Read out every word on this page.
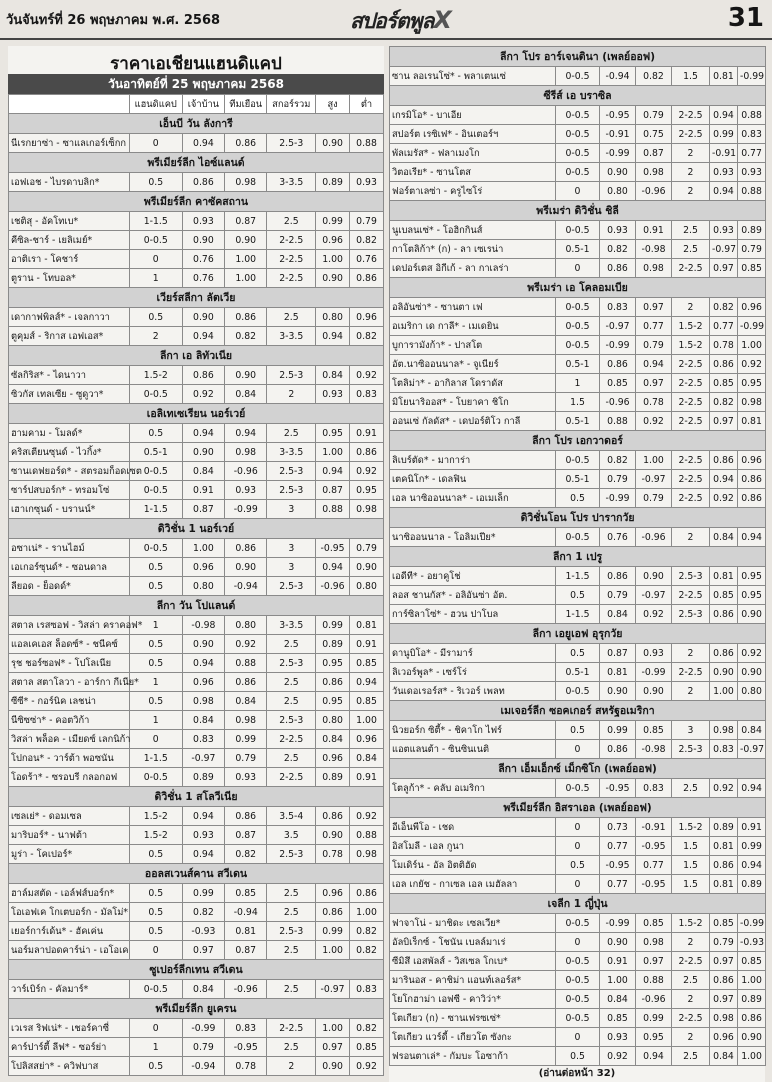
วันจันทร์ที่ 26 พฤษภาคม พ.ศ. 2568	สปอร์ตพูลX	31
ราคาเอเชียนแฮนดิแคป
วันอาทิตย์ที่ 25 พฤษภาคม 2568
	แฮนดิแคป	เจ้าบ้าน	ทีมเยือน	สกอร์รวม	สูง	ต่ำ
เอ็นบี วัน ลังการี						
นีเรกยาซ่า - ซาแลเกอร์เซ็กก	0	0.94	0.86	2.5-3	0.90	0.88
พรีเมียร์ลีก ไอซ์แลนด์						
เอฟเอช - ไบรดาบลิก*	0.5	0.86	0.98	3-3.5	0.89	0.93
พรีเมียร์ลีก คาซัคสถาน						
เชติสุ - อัคโทเบ*	1-1.5	0.93	0.87	2.5	0.99	0.79
คีซิล-ชาร์ - เยลิเมย์*	0-0.5	0.90	0.90	2-2.5	0.96	0.82
อาติเรา - โคชาร์	0	0.76	1.00	2-2.5	1.00	0.76
ตูราน - โทบอล*	1	0.76	1.00	2-2.5	0.90	0.86
เวียร์สลีกา ลัตเวีย						
เดากาฟพิลส์* - เจลกาวา	0.5	0.90	0.86	2.5	0.80	0.96
ตูคุมส์ - ริกาส เอฟเอส*	2	0.94	0.82	3-3.5	0.94	0.82
ลีกา เอ ลิทัวเนีย						
ซัลกิริส* - ไดนาวา	1.5-2	0.86	0.90	2.5-3	0.84	0.92
ซิวกัส เทลเซีย - ซูดูวา*	0-0.5	0.92	0.84	2	0.93	0.83
เอลิเทเซเรียน นอร์เวย์						
ฮามคาม - โมลด์*	0.5	0.94	0.94	2.5	0.95	0.91
คริสเตียนซุนด์ - ไวกิ้ง*	0.5-1	0.90	0.98	3-3.5	1.00	0.86
ซานเดฟยอร์ด* - สตรอมก็อดเซต	0-0.5	0.84	-0.96	2.5-3	0.94	0.92
ซาร์ปสบอร์ก* - ทรอมโซ่	0-0.5	0.91	0.93	2.5-3	0.87	0.95
เฮาเกซุนด์ - บรานน์*	1-1.5	0.87	-0.99	3	0.88	0.98
ดิวิชั่น 1 นอร์เวย์						
อซาเน่* - รานไฮม์	0-0.5	1.00	0.86	3	-0.95	0.79
เอเกอร์ซุนด์* - ซอนดาล	0.5	0.96	0.90	3	0.94	0.90
ลียอด - ย็อดด์*	0.5	0.80	-0.94	2.5-3	-0.96	0.80
ลีกา วัน โปแลนด์						
สตาล เรสซอฟ - วิสล่า คราคอฟ*	1	-0.98	0.80	3-3.5	0.99	0.81
แอลเคเอส ล็อดซ์* - ชนีคซ์	0.5	0.90	0.92	2.5	0.89	0.91
รุช ชอร์ซอฟ* - โปโลเนีย	0.5	0.94	0.88	2.5-3	0.95	0.85
สตาล สตาโลวา - อาร์กา กีเนีย*	1	0.96	0.86	2.5	0.86	0.94
ซีซี* - กอร์นิค เลชน่า	0.5	0.98	0.84	2.5	0.95	0.85
นีซิซซ่า* - คอตวิก้า	1	0.84	0.98	2.5-3	0.80	1.00
วิสล่า พล็อค - เมียดซ์ เลกนิก้า	0	0.83	0.99	2-2.5	0.84	0.96
โปกอน* - วาร์ต้า พอซนัน	1-1.5	-0.97	0.79	2.5	0.96	0.84
โอดร้า* - ซรอบรี กลอกอฟ	0-0.5	0.89	0.93	2-2.5	0.89	0.91
ดิวิชั่น 1 สโลวีเนีย						
เซลเย่* - ดอมเซล	1.5-2	0.94	0.86	3.5-4	0.86	0.92
มาริบอร์* - นาฟต้า	1.5-2	0.93	0.87	3.5	0.90	0.88
มูร่า - โคเปอร์*	0.5	0.94	0.82	2.5-3	0.78	0.98
ออลสเวนส์คาน สวีเดน						
ฮาล์มสตัด - เอล์ฟส์บอร์ก*	0.5	0.99	0.85	2.5	0.96	0.86
โอเอฟเค โกเตบอร์ก - มัลโม่*	0.5	0.82	-0.94	2.5	0.86	1.00
เยอร์การ์เด้น* - ฮัคเค่น	0.5	-0.93	0.81	2.5-3	0.99	0.82
นอร์มลาปอดคาร์น่า - เอโอเค	0	0.97	0.87	2.5	1.00	0.82
ซูเปอร์ลีกเทน สวีเดน						
วาร์เบิร์ก - คัลมาร์*	0-0.5	0.84	-0.96	2.5	-0.97	0.83
พรีเมียร์ลีก ยูเครน						
เวเรส ริฟเน่* - เชอร์คาซี่	0	-0.99	0.83	2-2.5	1.00	0.82
คาร์ปาร์ตี้ ลีฟ* - ซอร์ย่า	1	0.79	-0.95	2.5	0.97	0.85
โปลิสสย่า* - ควิฟบาส	0.5	-0.94	0.78	2	0.90	0.92
ลีกา โปร อาร์เจนตินา (เพลย์ออฟ)						
ซาน ลอเรนโซ่* - พลาเตนเซ่	0-0.5	-0.94	0.82	1.5	0.81	-0.99
ซีรีส์ เอ บราซิล						
เกรมิโอ* - บาเอีย	0-0.5	-0.95	0.79	2-2.5	0.94	0.88
สปอร์ต เรซิเฟ* - อินเตอร์ฯ	0-0.5	-0.91	0.75	2-2.5	0.99	0.83
พัลเมรัส* - ฟลาเมงโก	0-0.5	-0.99	0.87	2	-0.91	0.77
วิตอเรีย* - ซานโตส	0-0.5	0.90	0.98	2	0.93	0.93
ฟอร์ตาเลซ่า - ครูไซโร่	0	0.80	-0.96	2	0.94	0.88
พรีเมร่า ดิวิชั่น ชิลี						
นูเบลนเซ่* - โอฮิกกินส์	0-0.5	0.93	0.91	2.5	0.93	0.89
กาโตลิก้า* (ก) - ลา เซเรน่า	0.5-1	0.82	-0.98	2.5	-0.97	0.79
เดปอร์เตส อิกีเก้ - ลา กาเลร่า	0	0.86	0.98	2-2.5	0.97	0.85
พรีเมร่า เอ โคลอมเบีย						
อลิอันซ่า* - ซานตา เฟ	0-0.5	0.83	0.97	2	0.82	0.96
อเมริกา เด กาลี* - เมเดยิน	0-0.5	-0.97	0.77	1.5-2	0.77	-0.99
บูการามังก้า* - ปาสโต	0-0.5	-0.99	0.79	1.5-2	0.78	1.00
อัต.นาซิออนนาล* - จูเนียร์	0.5-1	0.86	0.94	2-2.5	0.86	0.92
โตลิม่า* - อากิลาส โดราดัส	1	0.85	0.97	2-2.5	0.85	0.95
มิโยนาริออส* - โบยาคา ชิโก	1.5	-0.96	0.78	2-2.5	0.82	0.98
ออนเซ่ กัลดัส* - เดปอร์ติโว กาลี	0.5-1	0.88	0.92	2-2.5	0.97	0.81
ลีกา โปร เอกวาดอร์						
ลิเบร์ตัด* - มาการ่า	0-0.5	0.82	1.00	2-2.5	0.86	0.96
เตคนิโก* - เดลฟิน	0.5-1	0.79	-0.97	2-2.5	0.94	0.86
เอล นาซิออนนาล* - เอเมเล็ก	0.5	-0.99	0.79	2-2.5	0.92	0.86
ดิวิชั่นโอน โปร ปารากวัย						
นาซิออนนาล - โอลิมเปีย*	0-0.5	0.76	-0.96	2	0.84	0.94
ลีกา 1 เปรู						
เอดีที* - อยาคูโช่	1-1.5	0.86	0.90	2.5-3	0.81	0.95
ลอส ชานกัส* - อลิอันซ่า อัต.	0.5	0.79	-0.97	2-2.5	0.85	0.95
การ์ซิลาโซ่* - ฮวน ปาโบล	1-1.5	0.84	0.92	2.5-3	0.86	0.90
ลีกา เอยูเอฟ อุรุกวัย						
ดานูบิโอ* - มีรามาร์	0.5	0.87	0.93	2	0.86	0.92
ลิเวอร์พูล* - เซร์โร่	0.5-1	0.81	-0.99	2-2.5	0.90	0.90
วันเดอเรอร์ส* - ริเวอร์ เพลท	0-0.5	0.90	0.90	2	1.00	0.80
เมเจอร์ลีก ซอคเกอร์ สหรัฐอเมริกา						
นิวยอร์ก ซิตี้* - ชิคาโก ไฟร์	0.5	0.99	0.85	3	0.98	0.84
แอตแลนต้า - ซินซินเนติ	0	0.86	-0.98	2.5-3	0.83	-0.97
ลีกา เอ็มเอ็กซ์ เม็กซิโก (เพลย์ออฟ)						
โตลูก้า* - คลับ อเมริกา	0-0.5	-0.95	0.83	2.5	0.92	0.94
พรีเมียร์ลีก อิสราเอล (เพลย์ออฟ)						
อีเอ็นพีโอ - เชด	0	0.73	-0.91	1.5-2	0.89	0.91
อิสโมลี - เอล กูนา	0	0.77	-0.95	1.5	0.81	0.99
โมเดิร์น - อัล อิตติฮัด	0.5	-0.95	0.77	1.5	0.86	0.94
เอล เกยัช - กาเซล เอล เมฮัลลา	0	0.77	-0.95	1.5	0.81	0.89
เจลีก 1 ญี่ปุ่น						
ฟาจาโน่ - มาชิดะ เซลเวีย*	0-0.5	-0.99	0.85	1.5-2	0.85	-0.99
อัลบิเร็กซ์ - โชนัน เบลล์มาเร่	0	0.90	0.98	2	0.79	-0.93
ซีมิสึ เอสพัลส์ - วิสเซล โกเบ*	0-0.5	0.91	0.97	2-2.5	0.97	0.85
มารินอส - คาชิม่า แอนท์เลอร์ส*	0-0.5	1.00	0.88	2.5	0.86	1.00
โยโกฮาม่า เอฟซี - คาวิว่า*	0-0.5	0.84	-0.96	2	0.97	0.89
โตเกียว (ก) - ซานเฟรซเซ่*	0-0.5	0.85	0.99	2-2.5	0.98	0.86
โตเกียว แวร์ดี้ - เกียวโต ซังกะ	0	0.93	0.95	2	0.96	0.90
ฟรอนตาเล่* - กัมบะ โอซาก้า	0.5	0.92	0.94	2.5	0.84	1.00
(อ่านต่อหน้า 32)
